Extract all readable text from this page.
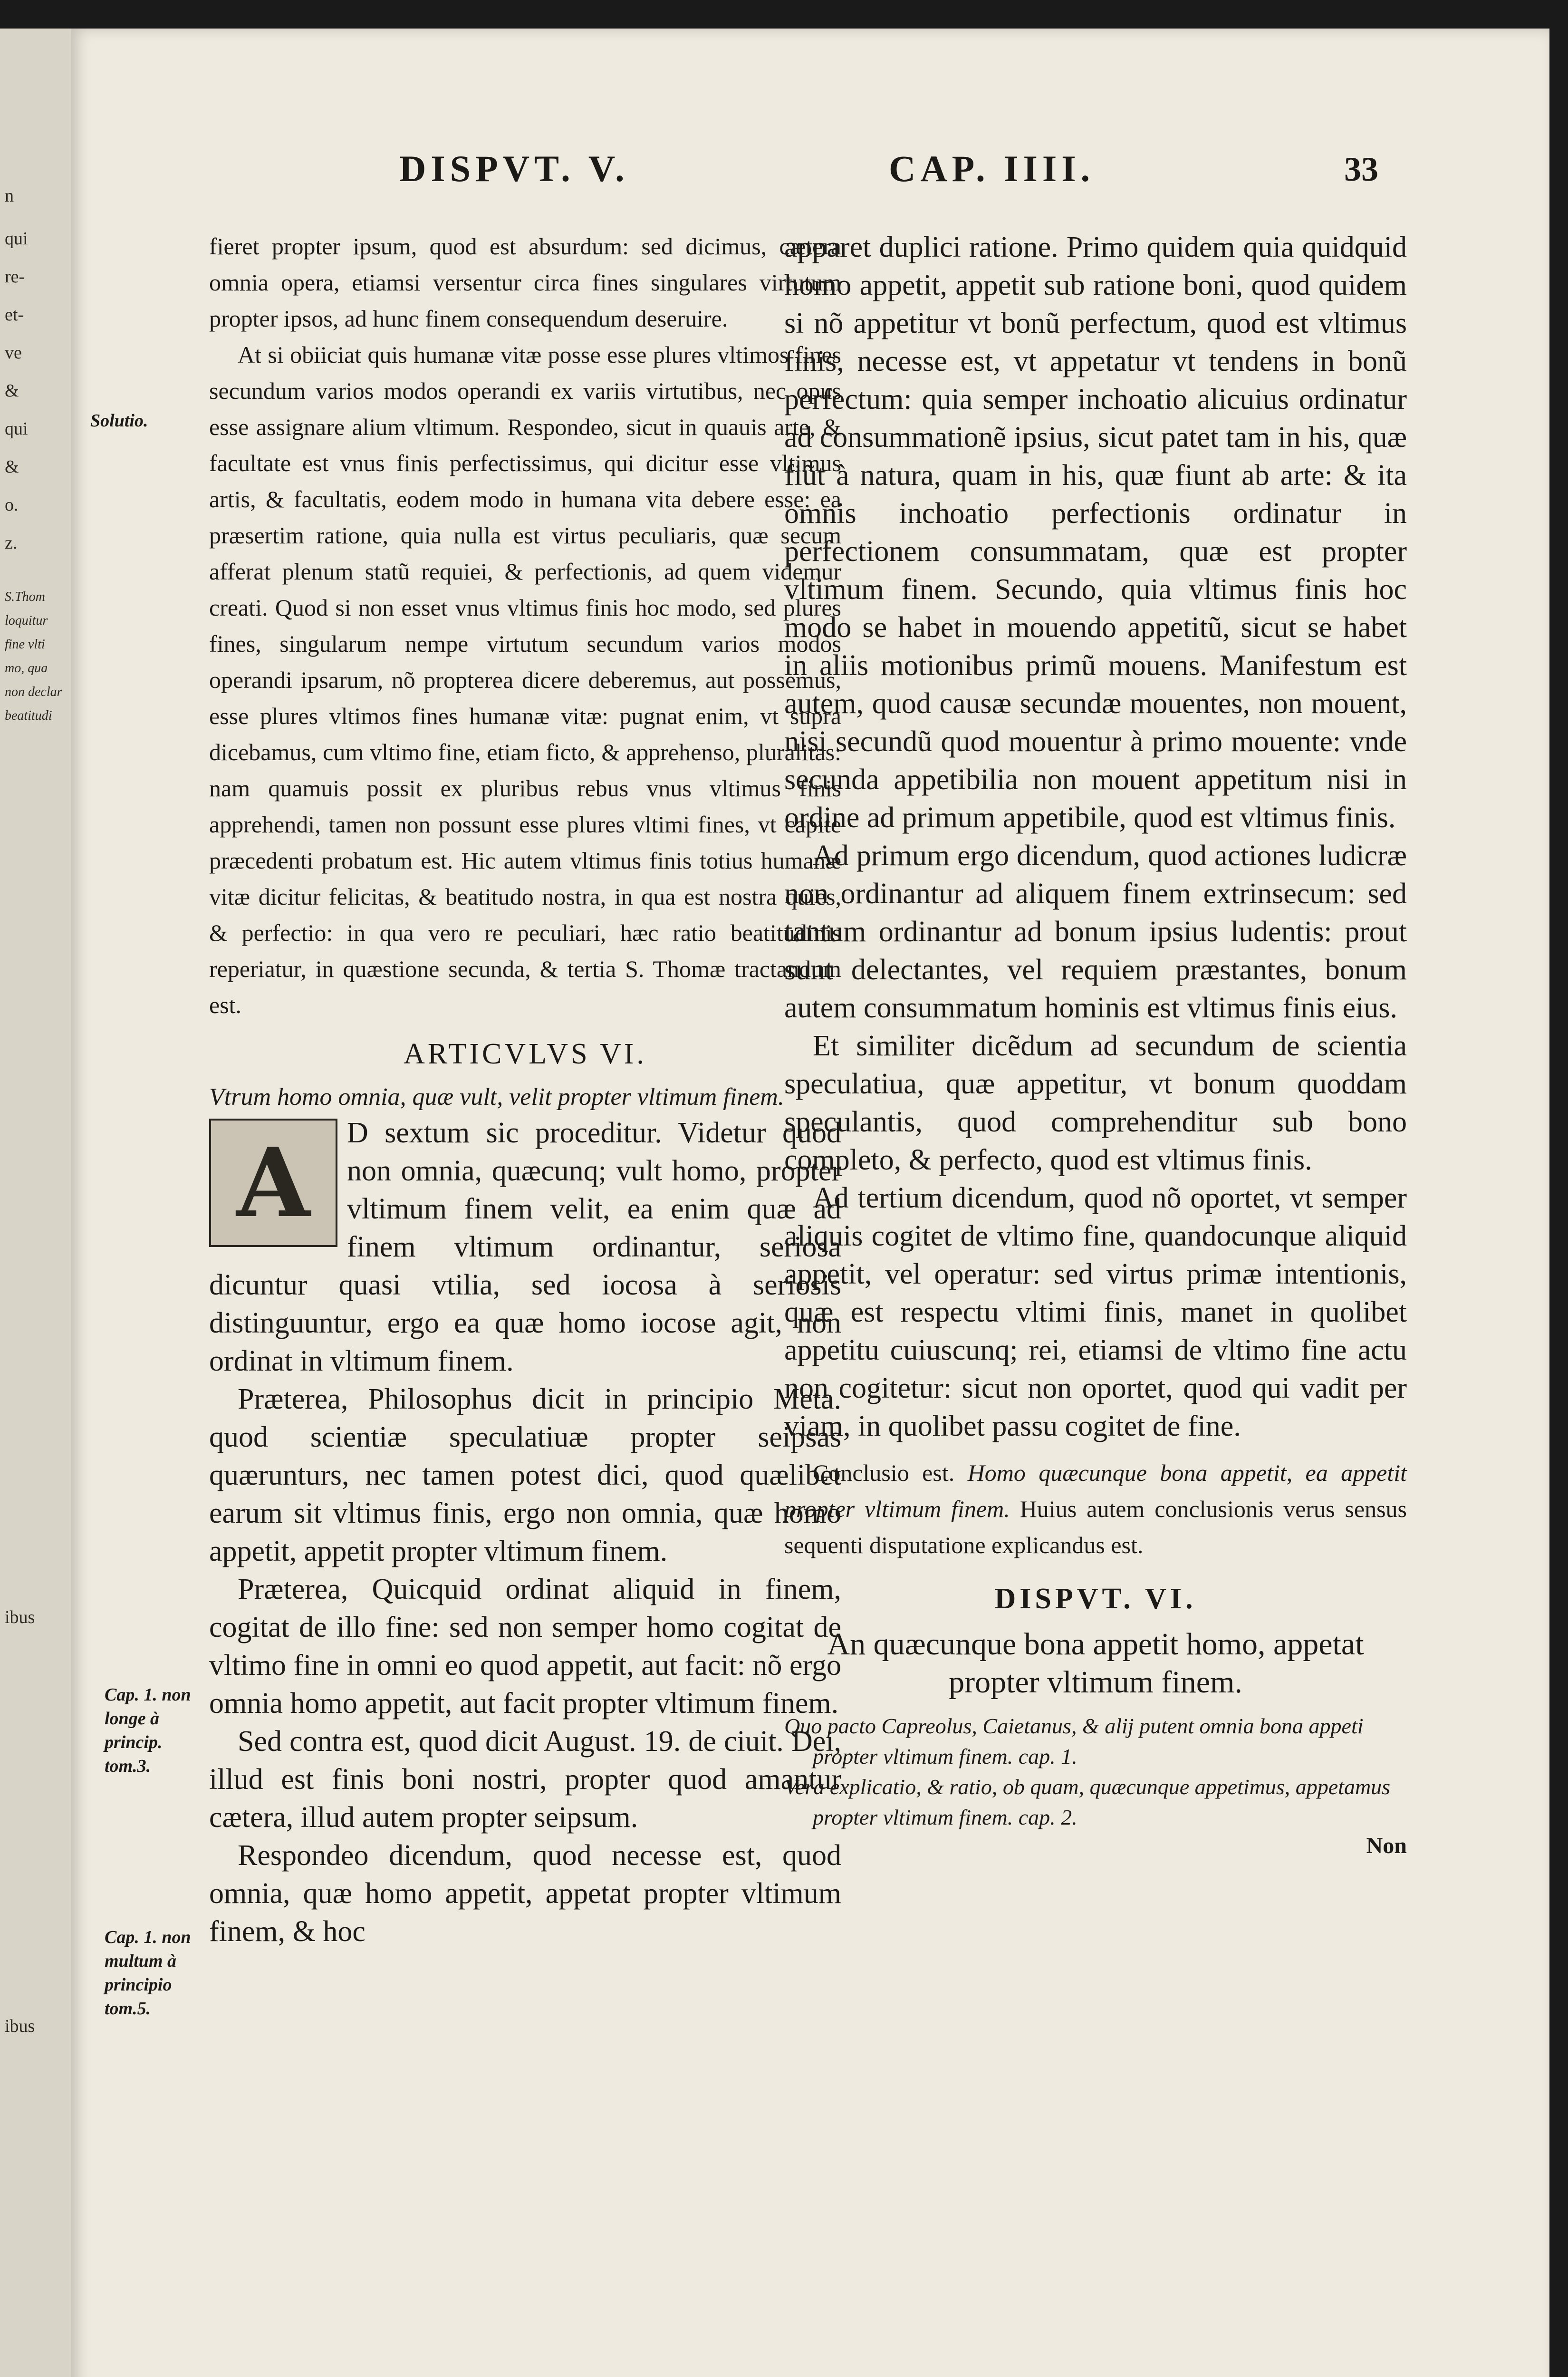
n
qui
re-
et-
ve
&
qui
&
o.
z.
S.Thom
loquitur
fine vlti
mo, qua
non declar
beatitudi
ibus
ibus
DISPVT. V.	CAP. IIII.	33
Solutio.
Cap. 1. non longe à princip. tom.3.
Cap. 1. non multum à principio tom.5.

fieret propter ipsum, quod est absurdum: sed dicimus, cætera omnia opera, etiamsi versentur circa fines singulares virtutum propter ipsos, ad hunc finem consequendum deseruire.

At si obiiciat quis humanæ vitæ posse esse plures vltimos fines secundum varios modos operandi ex variis virtutibus, nec opus esse assignare alium vltimum. Respondeo, sicut in quauis arte, & facultate est vnus finis perfectissimus, qui dicitur esse vltimus artis, & facultatis, eodem modo in humana vita debere esse: ea præsertim ratione, quia nulla est virtus peculiaris, quæ secum afferat plenum statũ requiei, & perfectionis, ad quem videmur creati. Quod si non esset vnus vltimus finis hoc modo, sed plures fines, singularum nempe virtutum secundum varios modos operandi ipsarum, nõ propterea dicere deberemus, aut possemus, esse plures vltimos fines humanæ vitæ: pugnat enim, vt supra dicebamus, cum vltimo fine, etiam ficto, & apprehenso, pluralitas: nam quamuis possit ex pluribus rebus vnus vltimus finis apprehendi, tamen non possunt esse plures vltimi fines, vt capite præcedenti probatum est. Hic autem vltimus finis totius humanæ vitæ dicitur felicitas, & beatitudo nostra, in qua est nostra quies, & perfectio: in qua vero re peculiari, hæc ratio beatitudinis reperiatur, in quæstione secunda, & tertia S. Thomæ tractandum est.

ARTICVLVS VI.

Vtrum homo omnia, quæ vult, velit propter vltimum finem.

A	D sextum sic proceditur. Videtur quod non omnia, quæcunq; vult homo, propter vltimum finem velit, ea enim quæ ad finem vltimum ordinantur, seriosa dicuntur quasi vtilia, sed iocosa à seriosis distinguuntur, ergo ea quæ homo iocose agit, non ordinat in vltimum finem.

Præterea, Philosophus dicit in principio Meta. quod scientiæ speculatiuæ propter seipsas quærunturs, nec tamen potest dici, quod quælibet earum sit vltimus finis, ergo non omnia, quæ homo appetit, appetit propter vltimum finem.

Præterea, Quicquid ordinat aliquid in finem, cogitat de illo fine: sed non semper homo cogitat de vltimo fine in omni eo quod appetit, aut facit: nõ ergo omnia homo appetit, aut facit propter vltimum finem.

Sed contra est, quod dicit August. 19. de ciuit. Dei, illud est finis boni nostri, propter quod amantur cætera, illud autem propter seipsum.

Respondeo dicendum, quod necesse est, quod omnia, quæ homo appetit, appetat propter vltimum finem, & hoc

apparet duplici ratione. Primo quidem quia quidquid homo appetit, appetit sub ratione boni, quod quidem si nõ appetitur vt bonũ perfectum, quod est vltimus finis, necesse est, vt appetatur vt tendens in bonũ perfectum: quia semper inchoatio alicuius ordinatur ad consummationẽ ipsius, sicut patet tam in his, quæ fiũt à natura, quam in his, quæ fiunt ab arte: & ita omnis inchoatio perfectionis ordinatur in perfectionem consummatam, quæ est propter vltimum finem. Secundo, quia vltimus finis hoc modo se habet in mouendo appetitũ, sicut se habet in aliis motionibus primũ mouens. Manifestum est autem, quod causæ secundæ mouentes, non mouent, nisi secundũ quod mouentur à primo mouente: vnde secunda appetibilia non mouent appetitum nisi in ordine ad primum appetibile, quod est vltimus finis.

Ad primum ergo dicendum, quod actiones ludicræ non ordinantur ad aliquem finem extrinsecum: sed tantum ordinantur ad bonum ipsius ludentis: prout sunt delectantes, vel requiem præstantes, bonum autem consummatum hominis est vltimus finis eius.

Et similiter dicẽdum ad secundum de scientia speculatiua, quæ appetitur, vt bonum quoddam speculantis, quod comprehenditur sub bono completo, & perfecto, quod est vltimus finis.

Ad tertium dicendum, quod nõ oportet, vt semper aliquis cogitet de vltimo fine, quandocunque aliquid appetit, vel operatur: sed virtus primæ intentionis, quæ est respectu vltimi finis, manet in quolibet appetitu cuiuscunq; rei, etiamsi de vltimo fine actu non cogitetur: sicut non oportet, quod qui vadit per viam, in quolibet passu cogitet de fine.

Conclusio est. Homo quæcunque bona appetit, ea appetit propter vltimum finem. Huius autem conclusionis verus sensus sequenti disputatione explicandus est.

DISPVT. VI.

An quæcunque bona appetit homo, appetat propter vltimum finem.

Quo pacto Capreolus, Caietanus, & alij putent omnia bona appeti propter vltimum finem. cap. 1.

Vera explicatio, & ratio, ob quam, quæcunque appetimus, appetamus propter vltimum finem. cap. 2.

Non
